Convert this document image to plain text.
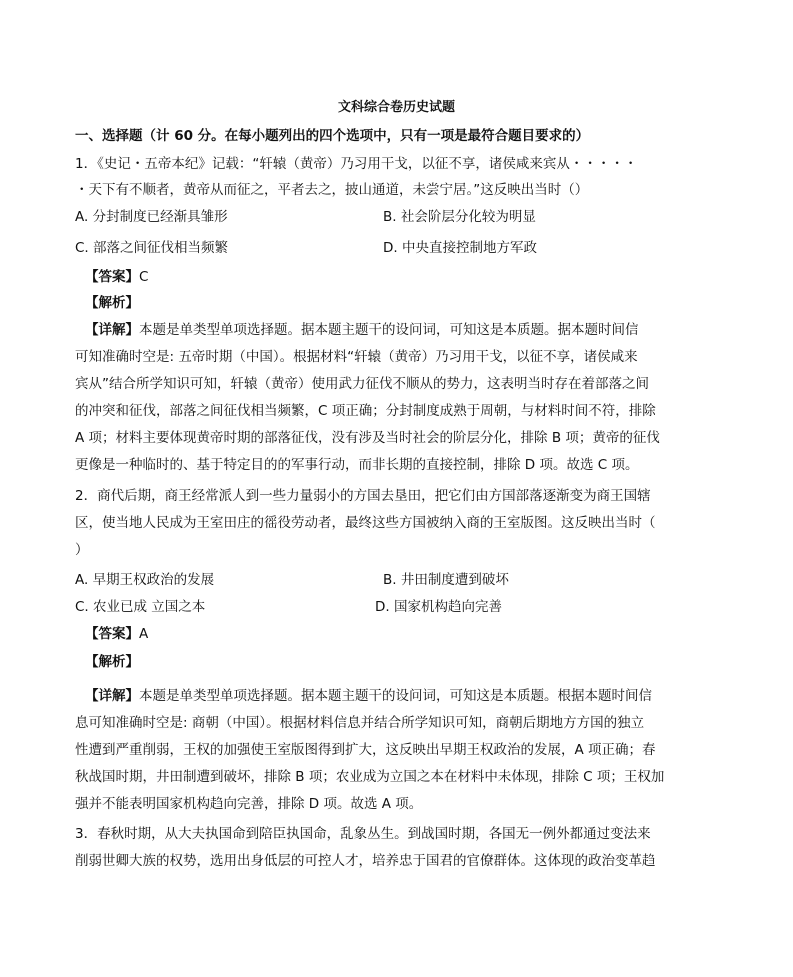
文科综合卷历史试题
一、选择题（计 60 分。在每小题列出的四个选项中，只有一项是最符合题目要求的）
1．《史记・五帝本纪》记载：“轩辕（黄帝）乃习用干戈，以征不享，诸侯咸来宾从・・・・・
・天下有不顺者，黄帝从而征之，平者去之，披山通道，未尝宁居。”这反映出当时（）
A. 分封制度已经渐具雏形	B. 社会阶层分化较为明显
C. 部落之间征伐相当频繁	D. 中央直接控制地方军政
【答案】C
【解析】
【详解】本题是单类型单项选择题。据本题主题干的设问词，可知这是本质题。据本题时间信
可知准确时空是: 五帝时期（中国）。根据材料“轩辕（黄帝）乃习用干戈，以征不享，诸侯咸来
宾从”结合所学知识可知，轩辕（黄帝）使用武力征伐不顺从的势力，这表明当时存在着部落之间
的冲突和征伐，部落之间征伐相当频繁，C 项正确；分封制度成熟于周朝，与材料时间不符，排除
A 项；材料主要体现黄帝时期的部落征伐，没有涉及当时社会的阶层分化，排除 B 项；黄帝的征伐
更像是一种临时的、基于特定目的的军事行动，而非长期的直接控制，排除 D 项。故选 C 项。
2．商代后期，商王经常派人到一些力量弱小的方国去垦田，把它们由方国部落逐渐变为商王国辖
区，使当地人民成为王室田庄的徭役劳动者，最终这些方国被纳入商的王室版图。这反映出当时（
）
A. 早期王权政治的发展	B. 井田制度遭到破坏
C. 农业已成 立国之本	D. 国家机构趋向完善
【答案】A
【解析】
【详解】本题是单类型单项选择题。据本题主题干的设问词，可知这是本质题。根据本题时间信
息可知准确时空是: 商朝（中国）。根据材料信息并结合所学知识可知，商朝后期地方方国的独立
性遭到严重削弱，王权的加强使王室版图得到扩大，这反映出早期王权政治的发展，A 项正确；春
秋战国时期，井田制遭到破坏，排除 B 项；农业成为立国之本在材料中未体现，排除 C 项；王权加
强并不能表明国家机构趋向完善，排除 D 项。故选 A 项。
3．春秋时期，从大夫执国命到陪臣执国命，乱象丛生。到战国时期，各国无一例外都通过变法来
削弱世卿大族的权势，选用出身低层的可控人才，培养忠于国君的官僚群体。这体现的政治变革趋
